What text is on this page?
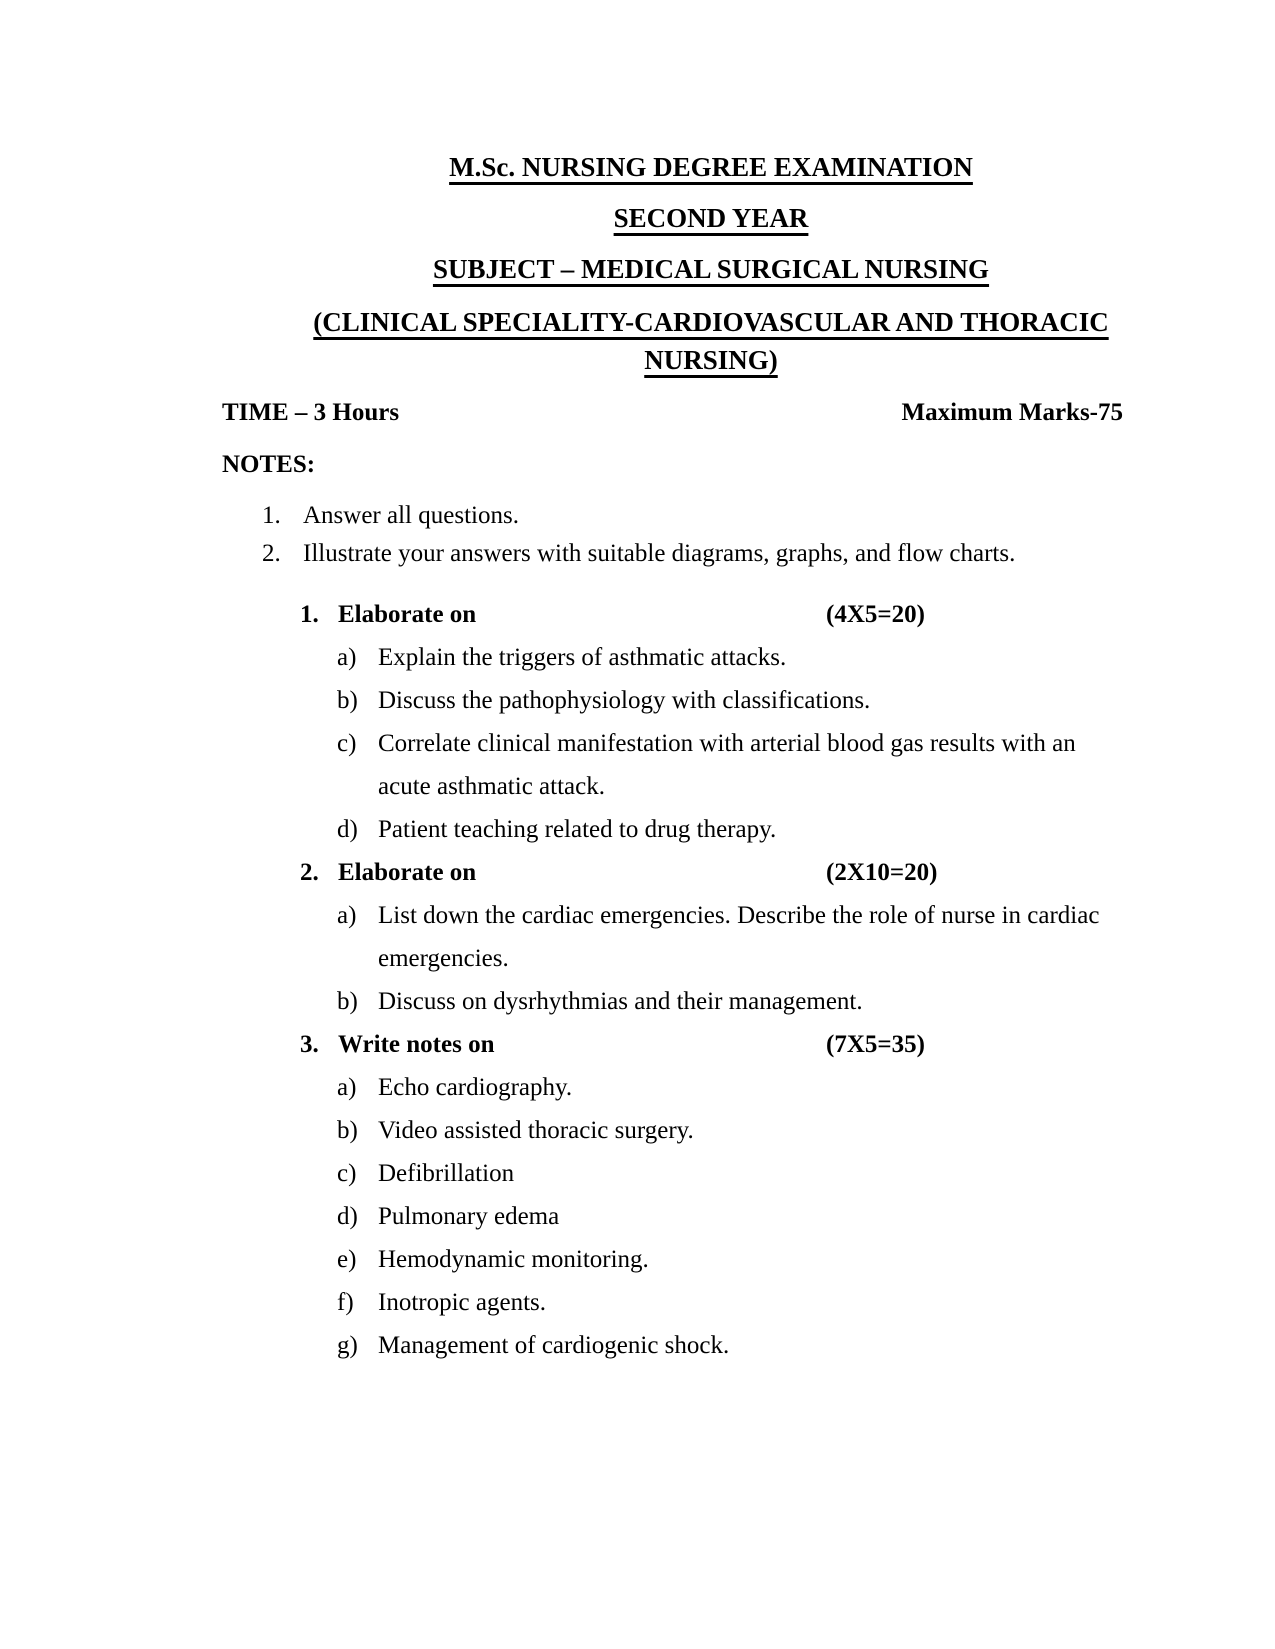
M.Sc. NURSING DEGREE EXAMINATION
SECOND YEAR
SUBJECT – MEDICAL SURGICAL NURSING
(CLINICAL SPECIALITY-CARDIOVASCULAR AND THORACIC NURSING)
TIME – 3 Hours	Maximum Marks-75
NOTES:
1. Answer all questions.
2. Illustrate your answers with suitable diagrams, graphs, and flow charts.
1. Elaborate on	(4X5=20)
a) Explain the triggers of asthmatic attacks.
b) Discuss the pathophysiology with classifications.
c) Correlate clinical manifestation with arterial blood gas results with an acute asthmatic attack.
d) Patient teaching related to drug therapy.
2. Elaborate on	(2X10=20)
a) List down the cardiac emergencies. Describe the role of nurse in cardiac emergencies.
b) Discuss on dysrhythmias and their management.
3. Write notes on	(7X5=35)
a) Echo cardiography.
b) Video assisted thoracic surgery.
c) Defibrillation
d) Pulmonary edema
e) Hemodynamic monitoring.
f) Inotropic agents.
g) Management of cardiogenic shock.
